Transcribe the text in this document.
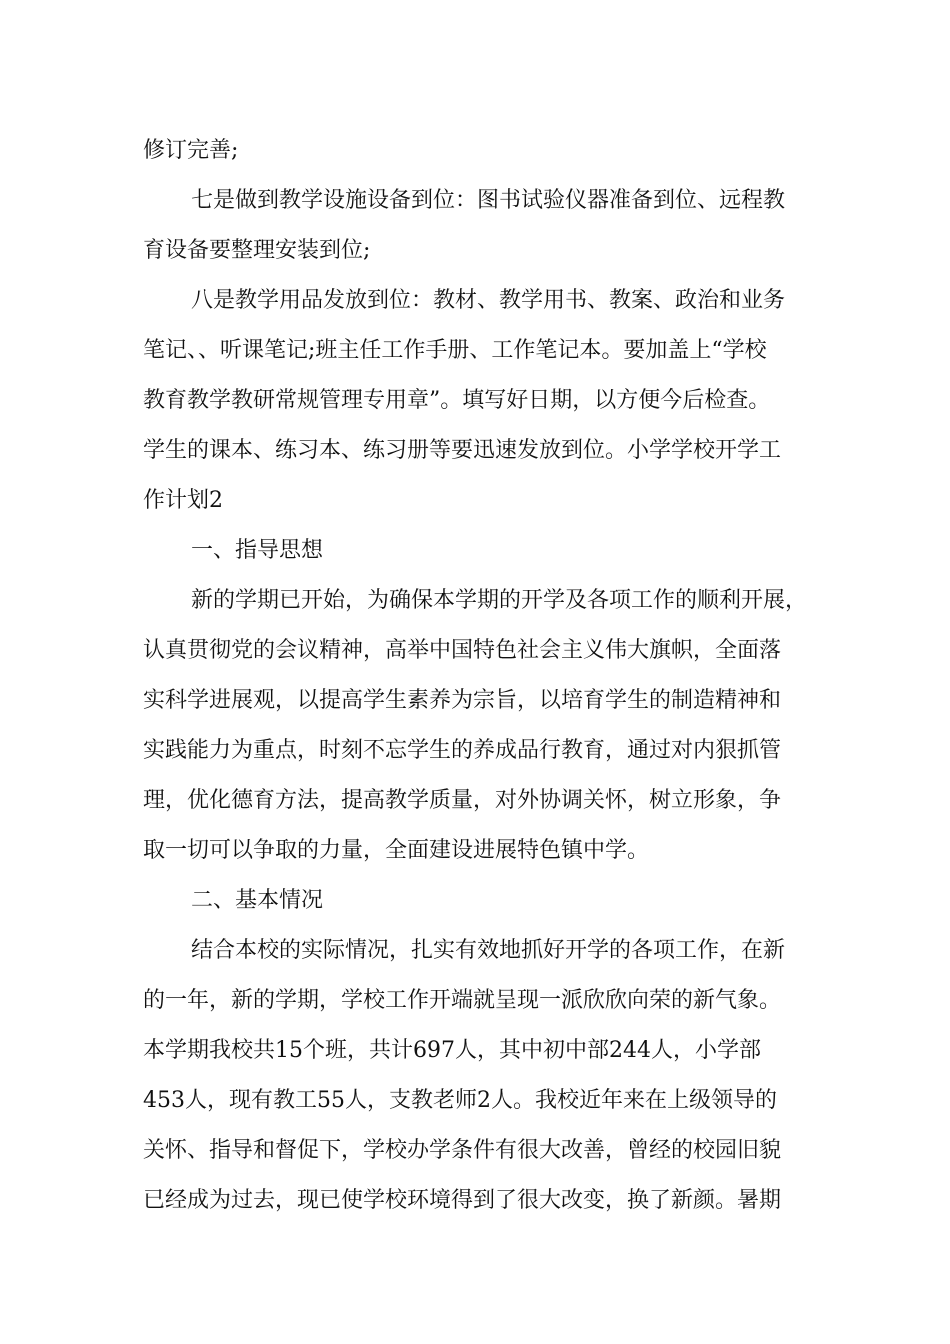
修订完善;
七是做到教学设施设备到位：图书试验仪器准备到位、远程教
育设备要整理安装到位;
八是教学用品发放到位：教材、教学用书、教案、政治和业务
笔记、、听课笔记;班主任工作手册、工作笔记本。要加盖上“学校
教育教学教研常规管理专用章”。填写好日期，以方便今后检查。
学生的课本、练习本、练习册等要迅速发放到位。小学学校开学工
作计划2
一、指导思想
新的学期已开始，为确保本学期的开学及各项工作的顺利开展，
认真贯彻党的会议精神，高举中国特色社会主义伟大旗帜，全面落
实科学进展观，以提高学生素养为宗旨，以培育学生的制造精神和
实践能力为重点，时刻不忘学生的养成品行教育，通过对内狠抓管
理，优化德育方法，提高教学质量，对外协调关怀，树立形象，争
取一切可以争取的力量，全面建设进展特色镇中学。
二、基本情况
结合本校的实际情况，扎实有效地抓好开学的各项工作，在新
的一年，新的学期，学校工作开端就呈现一派欣欣向荣的新气象。
本学期我校共15个班，共计697人，其中初中部244人，小学部
453人，现有教工55人，支教老师2人。我校近年来在上级领导的
关怀、指导和督促下，学校办学条件有很大改善，曾经的校园旧貌
已经成为过去，现已使学校环境得到了很大改变，换了新颜。暑期
